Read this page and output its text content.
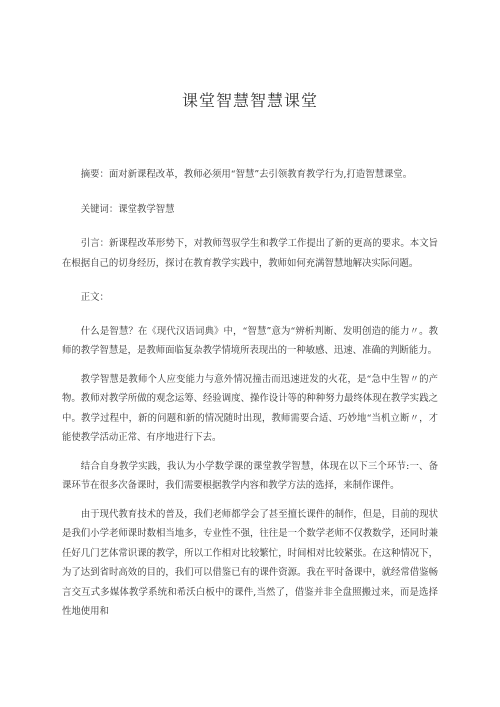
课堂智慧智慧课堂

摘要：面对新课程改革，教师必须用“智慧”去引领教育教学行为,打造智慧课堂。

关键词：课堂教学智慧

引言：新课程改革形势下，对教师驾驭学生和教学工作提出了新的更高的要求。本文旨在根据自己的切身经历，探讨在教育教学实践中，教师如何充满智慧地解决实际问题。

正文：

什么是智慧？在《现代汉语词典》中，“智慧”意为“辨析判断、发明创造的能力〃。教师的教学智慧是，是教师面临复杂教学情境所表现出的一种敏感、迅速、准确的判断能力。

教学智慧是教师个人应变能力与意外情况撞击而迅速迸发的火花，是“急中生智〃的产物。教师对教学所做的观念运筹、经验调度、操作设计等的种种努力最终体现在教学实践之中。教学过程中，新的问题和新的情况随时出现，教师需要合适、巧妙地“当机立断〃，才能使教学活动正常、有序地进行下去。

结合自身教学实践，我认为小学数学课的课堂教学智慧，体现在以下三个环节:一、备课环节在很多次备课时，我们需要根据教学内容和教学方法的选择，来制作课件。

由于现代教育技术的普及，我们老师都学会了甚至擅长课件的制作，但是，目前的现状是我们小学老师课时数相当地多，专业性不强，往往是一个数学老师不仅教数学，还同时兼任好几门艺体常识课的教学，所以工作相对比较繁忙，时间相对比较紧张。在这种情况下，为了达到省时高效的目的，我们可以借鉴已有的课件资源。我在平时备课中，就经常借鉴畅言交互式多媒体教学系统和希沃白板中的课件,当然了，借鉴并非全盘照搬过来，而是选择性地使用和
